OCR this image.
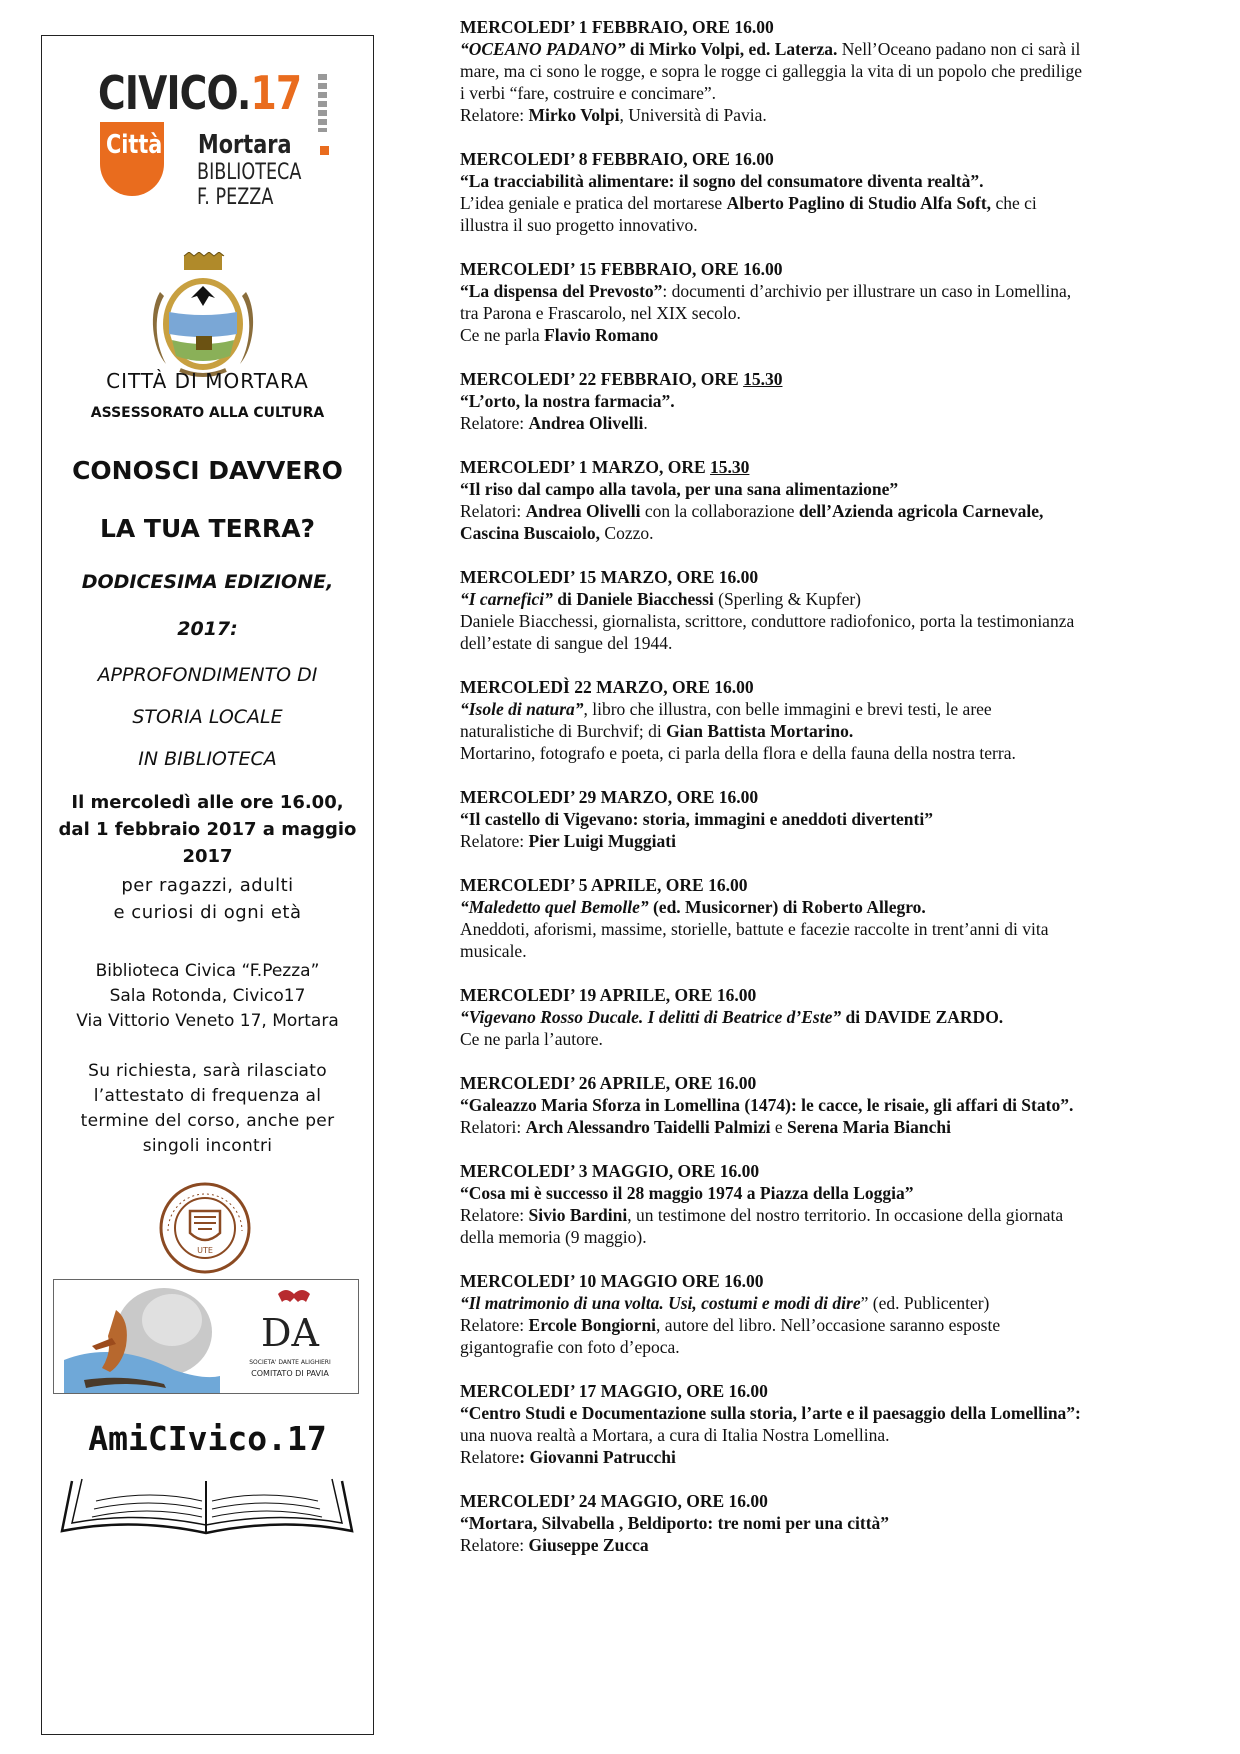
CIVICO.17
Città di Mortara
BIBLIOTECA
F. PEZZA
CITTÀ DI MORTARA
ASSESSORATO ALLA CULTURA
CONOSCI DAVVERO
LA TUA TERRA?
DODICESIMA EDIZIONE,
2017:
APPROFONDIMENTO DI
STORIA LOCALE
IN BIBLIOTECA
Il mercoledì alle ore 16.00,
dal 1 febbraio 2017 a maggio
2017
per ragazzi, adulti
e curiosi di ogni età
Biblioteca Civica “F.Pezza”
Sala Rotonda, Civico17
Via Vittorio Veneto 17, Mortara
Su richiesta, sarà rilasciato
l’attestato di frequenza al
termine del corso, anche per
singoli incontri
UTE
DA
SOCIETA' DANTE ALIGHIERI
COMITATO DI PAVIA
AmiCIvico.17
MERCOLEDI’ 1 FEBBRAIO, ORE 16.00
“OCEANO PADANO” di Mirko Volpi, ed. Laterza. Nell’Oceano padano non ci sarà il
mare, ma ci sono le rogge, e sopra le rogge ci galleggia la vita di un popolo che predilige
i verbi “fare, costruire e concimare”.
Relatore: Mirko Volpi, Università di Pavia.
MERCOLEDI’ 8 FEBBRAIO, ORE 16.00
“La tracciabilità alimentare: il sogno del consumatore diventa realtà”.
L’idea geniale e pratica del mortarese Alberto Paglino di Studio Alfa Soft, che ci
illustra il suo progetto innovativo.
MERCOLEDI’ 15 FEBBRAIO, ORE 16.00
“La dispensa del Prevosto”: documenti d’archivio per illustrare un caso in Lomellina,
tra Parona e Frascarolo, nel XIX secolo.
Ce ne parla Flavio Romano
MERCOLEDI’ 22 FEBBRAIO, ORE 15.30
“L’orto, la nostra farmacia”.
Relatore: Andrea Olivelli.
MERCOLEDI’ 1 MARZO, ORE 15.30
“Il riso dal campo alla tavola, per una sana alimentazione”
Relatori: Andrea Olivelli con la collaborazione dell’Azienda agricola Carnevale,
Cascina Buscaiolo, Cozzo.
MERCOLEDI’ 15 MARZO, ORE 16.00
“I carnefici” di Daniele Biacchessi (Sperling & Kupfer)
Daniele Biacchessi, giornalista, scrittore, conduttore radiofonico, porta la testimonianza
dell’estate di sangue del 1944.
MERCOLEDÌ 22 MARZO, ORE 16.00
“Isole di natura”, libro che illustra, con belle immagini e brevi testi, le aree
naturalistiche di Burchvif; di Gian Battista Mortarino.
Mortarino, fotografo e poeta, ci parla della flora e della fauna della nostra terra.
MERCOLEDI’ 29 MARZO, ORE 16.00
“Il castello di Vigevano: storia, immagini e aneddoti divertenti”
Relatore: Pier Luigi Muggiati
MERCOLEDI’ 5 APRILE, ORE 16.00
“Maledetto quel Bemolle” (ed. Musicorner) di Roberto Allegro.
Aneddoti, aforismi, massime, storielle, battute e facezie raccolte in trent’anni di vita
musicale.
MERCOLEDI’ 19 APRILE, ORE 16.00
“Vigevano Rosso Ducale. I delitti di Beatrice d’Este” di DAVIDE ZARDO.
Ce ne parla l’autore.
MERCOLEDI’ 26 APRILE, ORE 16.00
“Galeazzo Maria Sforza in Lomellina (1474): le cacce, le risaie, gli affari di Stato”.
Relatori: Arch Alessandro Taidelli Palmizi e Serena Maria Bianchi
MERCOLEDI’ 3 MAGGIO, ORE 16.00
“Cosa mi è successo il 28 maggio 1974 a Piazza della Loggia”
Relatore: Sivio Bardini, un testimone del nostro territorio. In occasione della giornata
della memoria (9 maggio).
MERCOLEDI’ 10 MAGGIO ORE 16.00
“Il matrimonio di una volta. Usi, costumi e modi di dire” (ed. Publicenter)
Relatore: Ercole Bongiorni, autore del libro. Nell’occasione saranno esposte
gigantografie con foto d’epoca.
MERCOLEDI’ 17 MAGGIO, ORE 16.00
“Centro Studi e Documentazione sulla storia, l’arte e il paesaggio della Lomellina”:
una nuova realtà a Mortara, a cura di Italia Nostra Lomellina.
Relatore: Giovanni Patrucchi
MERCOLEDI’ 24 MAGGIO, ORE 16.00
“Mortara, Silvabella , Beldiporto: tre nomi per una città”
Relatore: Giuseppe Zucca
